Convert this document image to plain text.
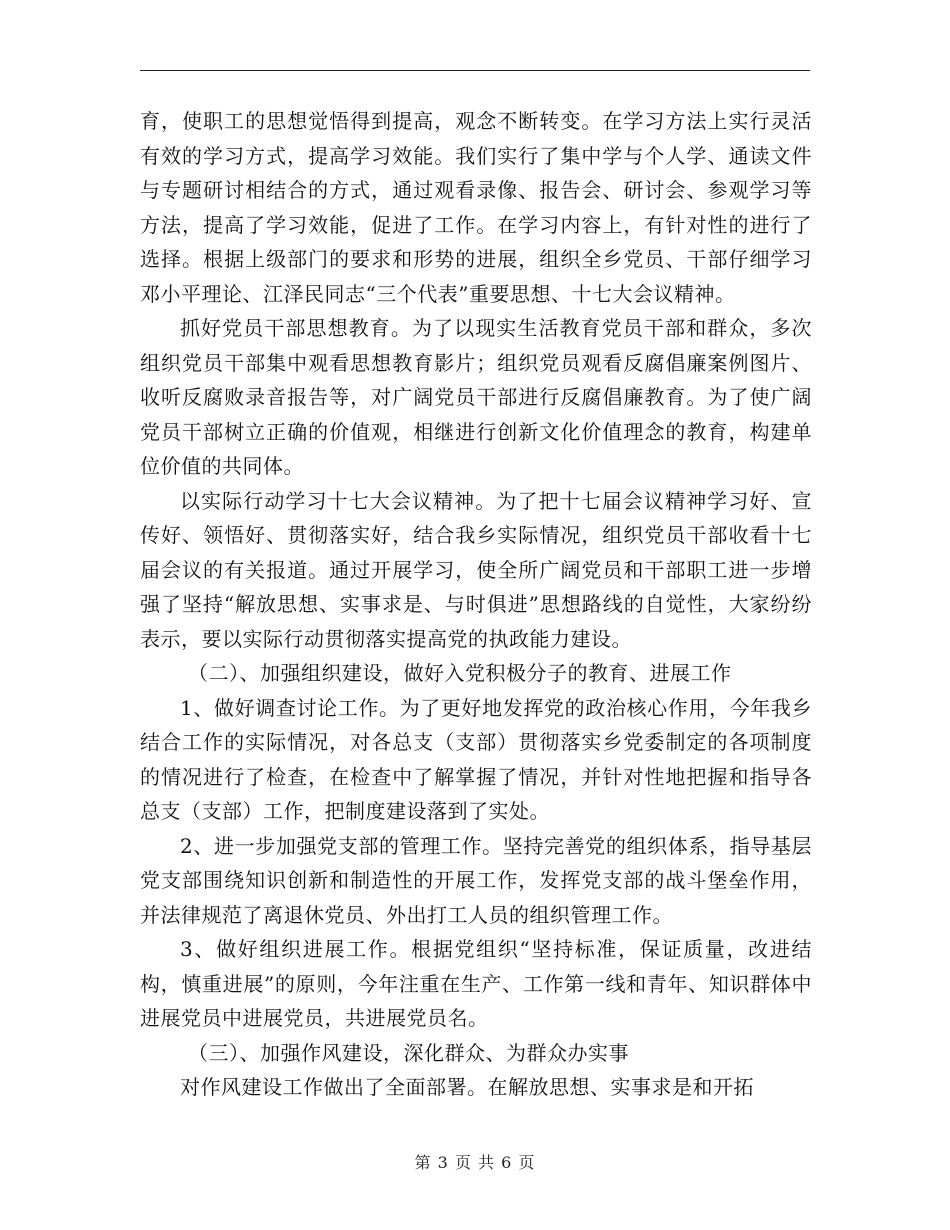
育，使职工的思想觉悟得到提高，观念不断转变。在学习方法上实行灵活有效的学习方式，提高学习效能。我们实行了集中学与个人学、通读文件与专题研讨相结合的方式，通过观看录像、报告会、研讨会、参观学习等方法，提高了学习效能，促进了工作。在学习内容上，有针对性的进行了选择。根据上级部门的要求和形势的进展，组织全乡党员、干部仔细学习邓小平理论、江泽民同志“三个代表”重要思想、十七大会议精神。

抓好党员干部思想教育。为了以现实生活教育党员干部和群众，多次组织党员干部集中观看思想教育影片；组织党员观看反腐倡廉案例图片、收听反腐败录音报告等，对广阔党员干部进行反腐倡廉教育。为了使广阔党员干部树立正确的价值观，相继进行创新文化价值理念的教育，构建单位价值的共同体。

以实际行动学习十七大会议精神。为了把十七届会议精神学习好、宣传好、领悟好、贯彻落实好，结合我乡实际情况，组织党员干部收看十七届会议的有关报道。通过开展学习，使全所广阔党员和干部职工进一步增强了坚持“解放思想、实事求是、与时俱进”思想路线的自觉性，大家纷纷表示，要以实际行动贯彻落实提高党的执政能力建设。

（二）、加强组织建设，做好入党积极分子的教育、进展工作

1、做好调查讨论工作。为了更好地发挥党的政治核心作用，今年我乡结合工作的实际情况，对各总支（支部）贯彻落实乡党委制定的各项制度的情况进行了检查，在检查中了解掌握了情况，并针对性地把握和指导各总支（支部）工作，把制度建设落到了实处。

2、进一步加强党支部的管理工作。坚持完善党的组织体系，指导基层党支部围绕知识创新和制造性的开展工作，发挥党支部的战斗堡垒作用，并法律规范了离退休党员、外出打工人员的组织管理工作。

3、做好组织进展工作。根据党组织“坚持标准，保证质量，改进结构，慎重进展”的原则，今年注重在生产、工作第一线和青年、知识群体中进展党员中进展党员，共进展党员名。

（三）、加强作风建设，深化群众、为群众办实事

对作风建设工作做出了全面部署。在解放思想、实事求是和开拓

第 3 页 共 6 页
